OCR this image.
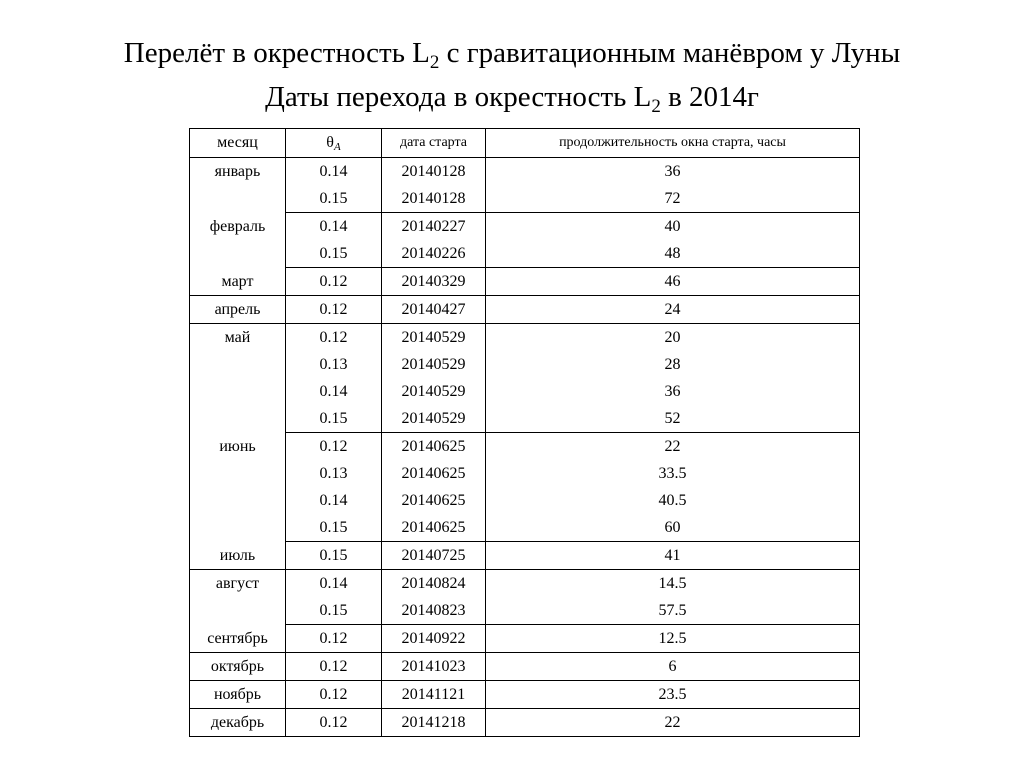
Перелёт в окрестность $L_2$ с гравитационным манёвром у Луны
Даты перехода в окрестность $L_2$ в 2014г
месяц	$\theta_A$	дата старта	продолжительность окна старта, часы
январь	0.14	20140128	36
	0.15	20140128	72
февраль	0.14	20140227	40
	0.15	20140226	48
март	0.12	20140329	46
апрель	0.12	20140427	24
май	0.12	20140529	20
	0.13	20140529	28
	0.14	20140529	36
	0.15	20140529	52
июнь	0.12	20140625	22
	0.13	20140625	33.5
	0.14	20140625	40.5
	0.15	20140625	60
июль	0.15	20140725	41
август	0.14	20140824	14.5
	0.15	20140823	57.5
сентябрь	0.12	20140922	12.5
октябрь	0.12	20141023	6
ноябрь	0.12	20141121	23.5
декабрь	0.12	20141218	22
